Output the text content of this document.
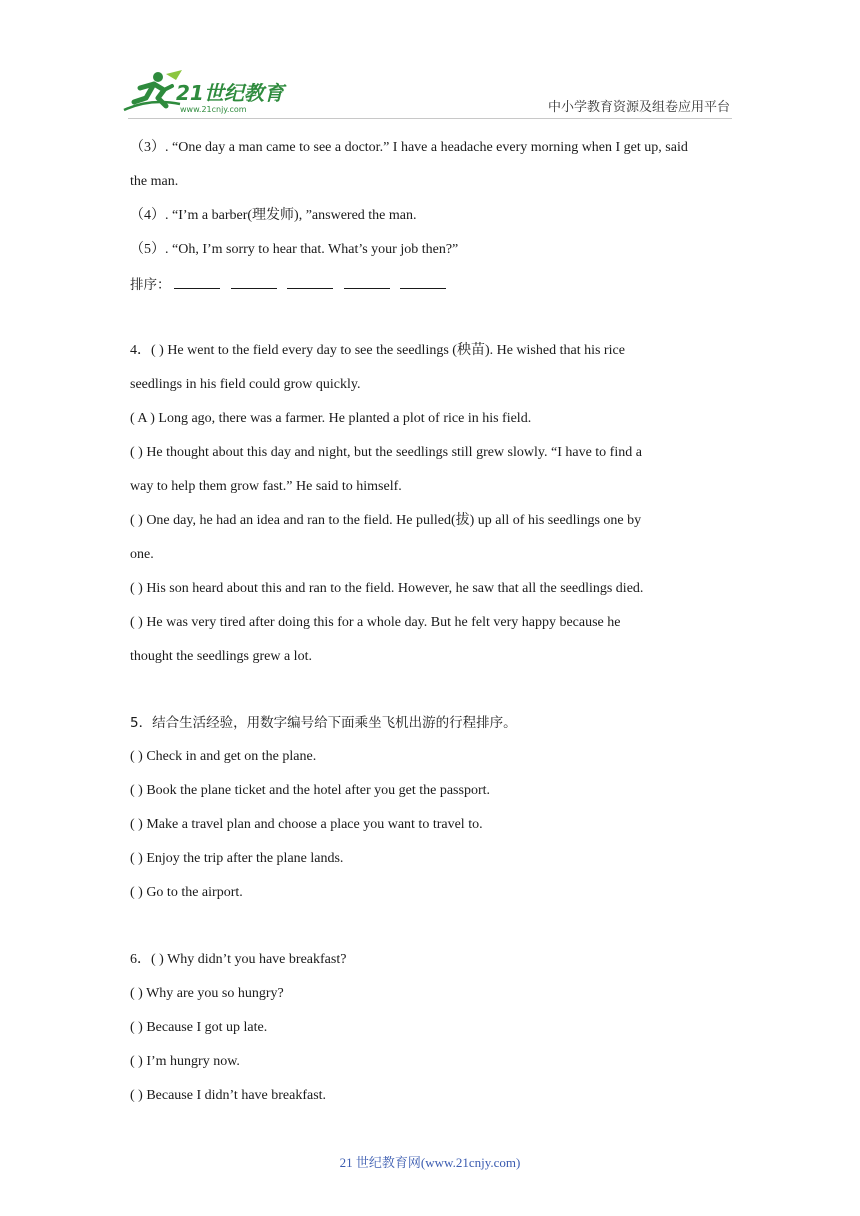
21世纪教育
www.21cnjy.com	中小学教育资源及组卷应用平台
（3）. “One day a man came to see a doctor.” I have a headache every morning when I get up, said
the man.
（4）. “I’m a barber(理发师), ”answered the man.
（5）. “Oh, I’m sorry to hear that. What’s your job then?”
排序：
4．( ) He went to the field every day to see the seedlings (秧苗). He wished that his rice
seedlings in his field could grow quickly.
( A ) Long ago, there was a farmer. He planted a plot of rice in his field.
( ) He thought about this day and night, but the seedlings still grew slowly. “I have to find a
way to help them grow fast.” He said to himself.
( ) One day, he had an idea and ran to the field. He pulled(拔) up all of his seedlings one by
one.
( ) His son heard about this and ran to the field. However, he saw that all the seedlings died.
( ) He was very tired after doing this for a whole day. But he felt very happy because he
thought the seedlings grew a lot.
5．结合生活经验，用数字编号给下面乘坐飞机出游的行程排序。
( ) Check in and get on the plane.
( ) Book the plane ticket and the hotel after you get the passport.
( ) Make a travel plan and choose a place you want to travel to.
( ) Enjoy the trip after the plane lands.
( ) Go to the airport.
6．( ) Why didn’t you have breakfast?
( ) Why are you so hungry?
( ) Because I got up late.
( ) I’m hungry now.
( ) Because I didn’t have breakfast.
21 世纪教育网(www.21cnjy.com)
